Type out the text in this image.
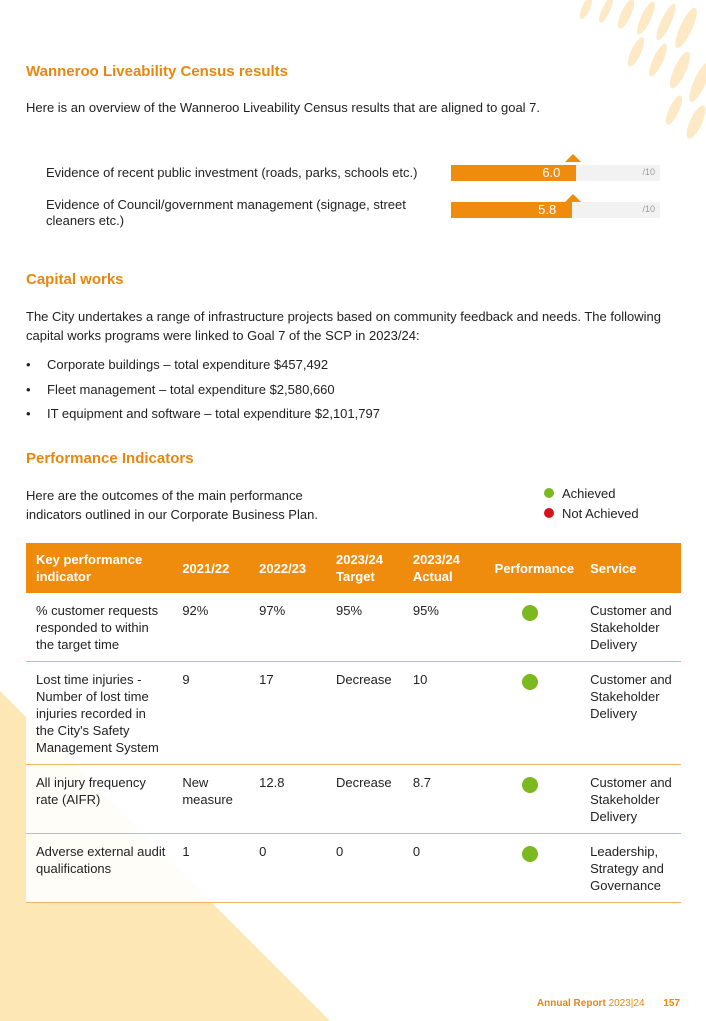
Wanneroo Liveability Census results

Here is an overview of the Wanneroo Liveability Census results that are aligned to goal 7.

Evidence of recent public investment (roads, parks, schools etc.)	6.0	/10
Evidence of Council/government management (signage, street cleaners etc.)
5.8	/10
Capital works

The City undertakes a range of infrastructure projects based on community feedback and needs. The following capital works programs were linked to Goal 7 of the SCP in 2023/24:

• Corporate buildings – total expenditure $457,492
• Fleet management – total expenditure $2,580,660
• IT equipment and software – total expenditure $2,101,797
Performance Indicators

Here are the outcomes of the main performance indicators outlined in our Corporate Business Plan.

Achieved
Not Achieved
Key performance indicator	2021/22	2022/23	2023/24 Target	2023/24 Actual	Performance	Service
% customer requests responded to within the target time	92%	97%	95%	95%		Customer and Stakeholder Delivery
Lost time injuries - Number of lost time injuries recorded in the City's Safety Management System	9	17	Decrease	10		Customer and Stakeholder Delivery
All injury frequency rate (AIFR)	New measure	12.8	Decrease	8.7		Customer and Stakeholder Delivery
Adverse external audit qualifications	1	0	0	0		Leadership, Strategy and Governance
Annual Report 2023|24 157
